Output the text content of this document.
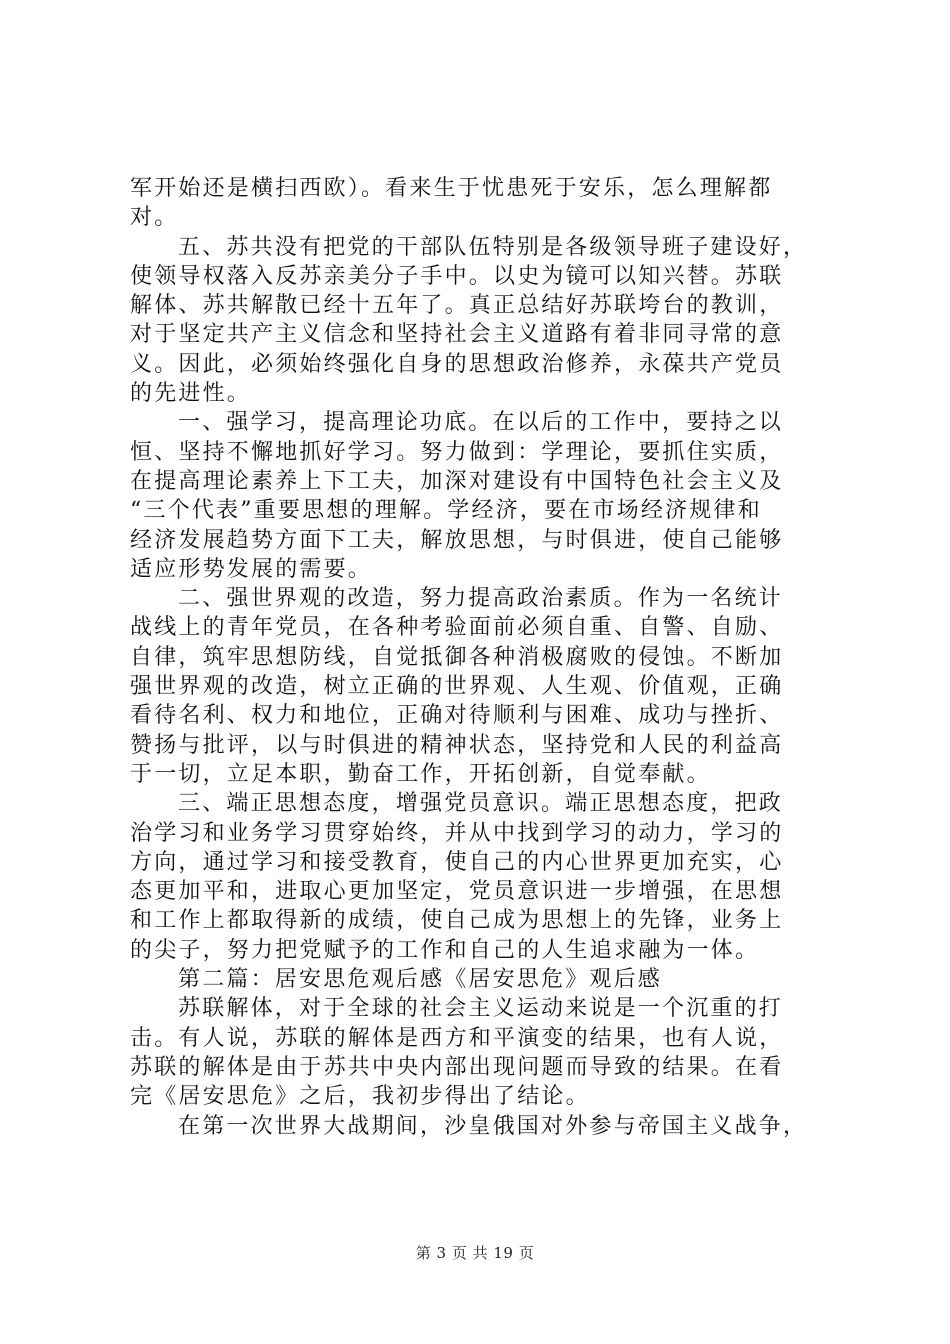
军开始还是横扫西欧）。看来生于忧患死于安乐，怎么理解都
对。
五、苏共没有把党的干部队伍特别是各级领导班子建设好，
使领导权落入反苏亲美分子手中。以史为镜可以知兴替。苏联
解体、苏共解散已经十五年了。真正总结好苏联垮台的教训，
对于坚定共产主义信念和坚持社会主义道路有着非同寻常的意
义。因此，必须始终强化自身的思想政治修养，永葆共产党员
的先进性。
一、强学习，提高理论功底。在以后的工作中，要持之以
恒、坚持不懈地抓好学习。努力做到：学理论，要抓住实质，
在提高理论素养上下工夫，加深对建设有中国特色社会主义及
“三个代表”重要思想的理解。学经济，要在市场经济规律和
经济发展趋势方面下工夫，解放思想，与时俱进，使自己能够
适应形势发展的需要。
二、强世界观的改造，努力提高政治素质。作为一名统计
战线上的青年党员，在各种考验面前必须自重、自警、自励、
自律，筑牢思想防线，自觉抵御各种消极腐败的侵蚀。不断加
强世界观的改造，树立正确的世界观、人生观、价值观，正确
看待名利、权力和地位，正确对待顺利与困难、成功与挫折、
赞扬与批评，以与时俱进的精神状态，坚持党和人民的利益高
于一切，立足本职，勤奋工作，开拓创新，自觉奉献。
三、端正思想态度，增强党员意识。端正思想态度，把政
治学习和业务学习贯穿始终，并从中找到学习的动力，学习的
方向，通过学习和接受教育，使自己的内心世界更加充实，心
态更加平和，进取心更加坚定，党员意识进一步增强，在思想
和工作上都取得新的成绩，使自己成为思想上的先锋，业务上
的尖子，努力把党赋予的工作和自己的人生追求融为一体。
第二篇：居安思危观后感《居安思危》观后感
苏联解体，对于全球的社会主义运动来说是一个沉重的打
击。有人说，苏联的解体是西方和平演变的结果，也有人说，
苏联的解体是由于苏共中央内部出现问题而导致的结果。在看
完《居安思危》之后，我初步得出了结论。
在第一次世界大战期间，沙皇俄国对外参与帝国主义战争，
第 3 页 共 19 页
